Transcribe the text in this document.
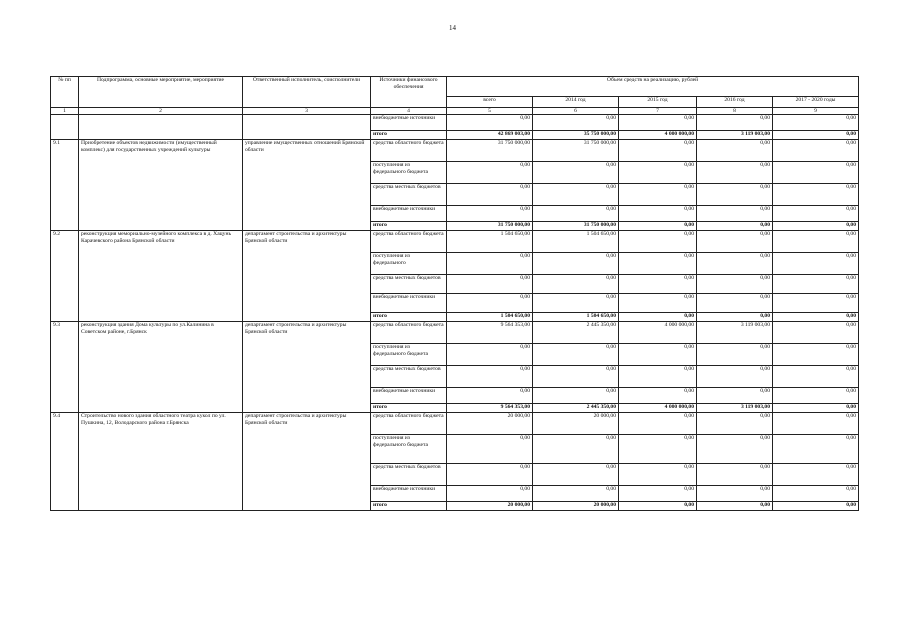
14
№ пп	Подпрограмма, основные мероприятие, мероприятие	Ответственный исполнитель, соисполнители	Источники финансового обеспечения	Объем средств на реализацию, рублей				
				всего	2014 год	2015 год	2016 год	2017 - 2020 годы
1	2	3	4	5	6	7	8	9
			внебюджетные источники	0,00	0,00	0,00	0,00	0,00
			итого	42 869 003,00	35 750 000,00	4 000 000,00	3 119 003,00	0,00
9.1	Приобретение объектов недвижимости (имущественный комплекс) для государственных учреждений культуры	управление имущественных отношений Брянской области	средства областного бюджета	31 750 000,00	31 750 000,00	0,00	0,00	0,00
			поступления из федерального бюджета	0,00	0,00	0,00	0,00	0,00
			средства местных бюджетов	0,00	0,00	0,00	0,00	0,00
			внебюджетные источники	0,00	0,00	0,00	0,00	0,00
			итого	31 750 000,00	31 750 000,00	0,00	0,00	0,00
9.2	реконструкция мемориально-музейного комплекса в д. Хацунь Карачевского района Брянской области	департамент строительства и архитектуры Брянской области	средства областного бюджета	1 504 650,00	1 504 650,00	0,00	0,00	0,00
			поступления из федерального	0,00	0,00	0,00	0,00	0,00
			средства местных бюджетов	0,00	0,00	0,00	0,00	0,00
			внебюджетные источники	0,00	0,00	0,00	0,00	0,00
			итого	1 504 650,00	1 504 650,00	0,00	0,00	0,00
9.3	реконструкция здания Дома культуры по ул.Калинина в Советском районе, г.Брянск	департамент строительства и архитектуры Брянской области	средства областного бюджета	9 564 353,00	2 445 350,00	4 000 000,00	3 119 003,00	0,00
			поступления из федерального бюджета	0,00	0,00	0,00	0,00	0,00
			средства местных бюджетов	0,00	0,00	0,00	0,00	0,00
			внебюджетные источники	0,00	0,00	0,00	0,00	0,00
			итого	9 564 353,00	2 445 350,00	4 000 000,00	3 119 003,00	0,00
9.4	Строительство нового здания областного театра кукол по ул. Пушкина, 12, Володарского района г.Брянска	департамент строительства и архитектуры Брянской области	средства областного бюджета	20 000,00	20 000,00	0,00	0,00	0,00
			поступления из федерального бюджета	0,00	0,00	0,00	0,00	0,00
			средства местных бюджетов	0,00	0,00	0,00	0,00	0,00
			внебюджетные источники	0,00	0,00	0,00	0,00	0,00
			итого	20 000,00	20 000,00	0,00	0,00	0,00
